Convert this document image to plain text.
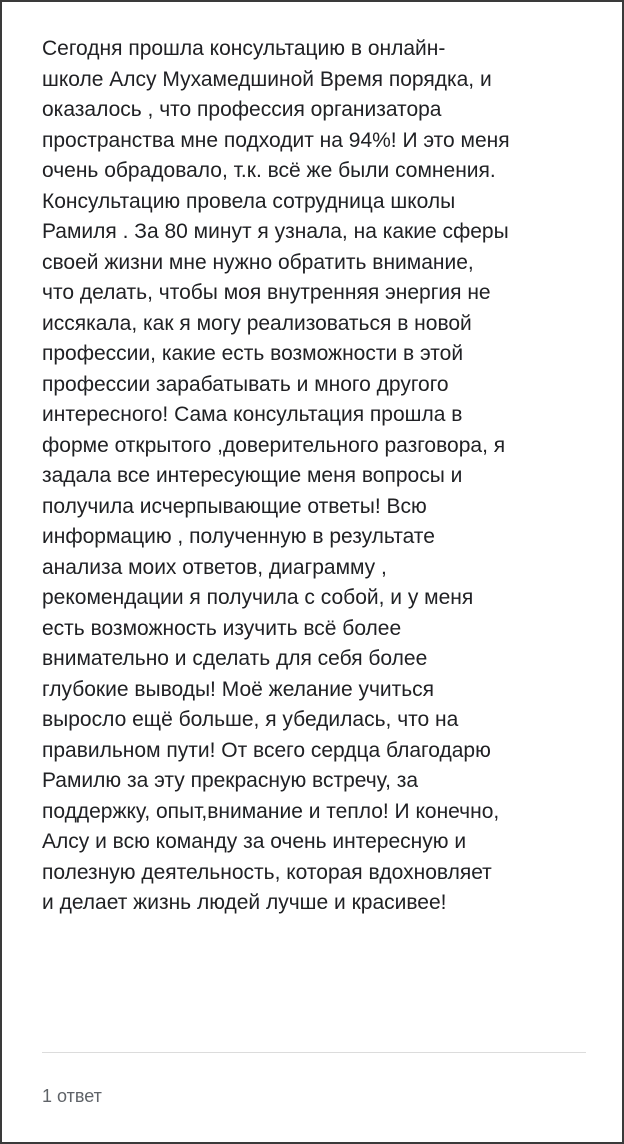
Сегодня прошла консультацию в онлайн-
школе Алсу Мухамедшиной Время порядка, и
оказалось , что профессия организатора
пространства мне подходит на 94%! И это меня
очень обрадовало, т.к. всё же были сомнения.
Консультацию провела сотрудница школы
Рамиля . За 80 минут я узнала, на какие сферы
своей жизни мне нужно обратить внимание,
что делать, чтобы моя внутренняя энергия не
иссякала, как я могу реализоваться в новой
профессии, какие есть возможности в этой
профессии зарабатывать и много другого
интересного! Сама консультация прошла в
форме открытого ,доверительного разговора, я
задала все интересующие меня вопросы и
получила исчерпывающие ответы! Всю
информацию , полученную в результате
анализа моих ответов, диаграмму ,
рекомендации я получила с собой, и у меня
есть возможность изучить всё более
внимательно и сделать для себя более
глубокие выводы! Моё желание учиться
выросло ещё больше, я убедилась, что на
правильном пути! От всего сердца благодарю
Рамилю за эту прекрасную встречу, за
поддержку, опыт,внимание и тепло! И конечно,
Алсу и всю команду за очень интересную и
полезную деятельность, которая вдохновляет
и делает жизнь людей лучше и красивее!

1 ответ
